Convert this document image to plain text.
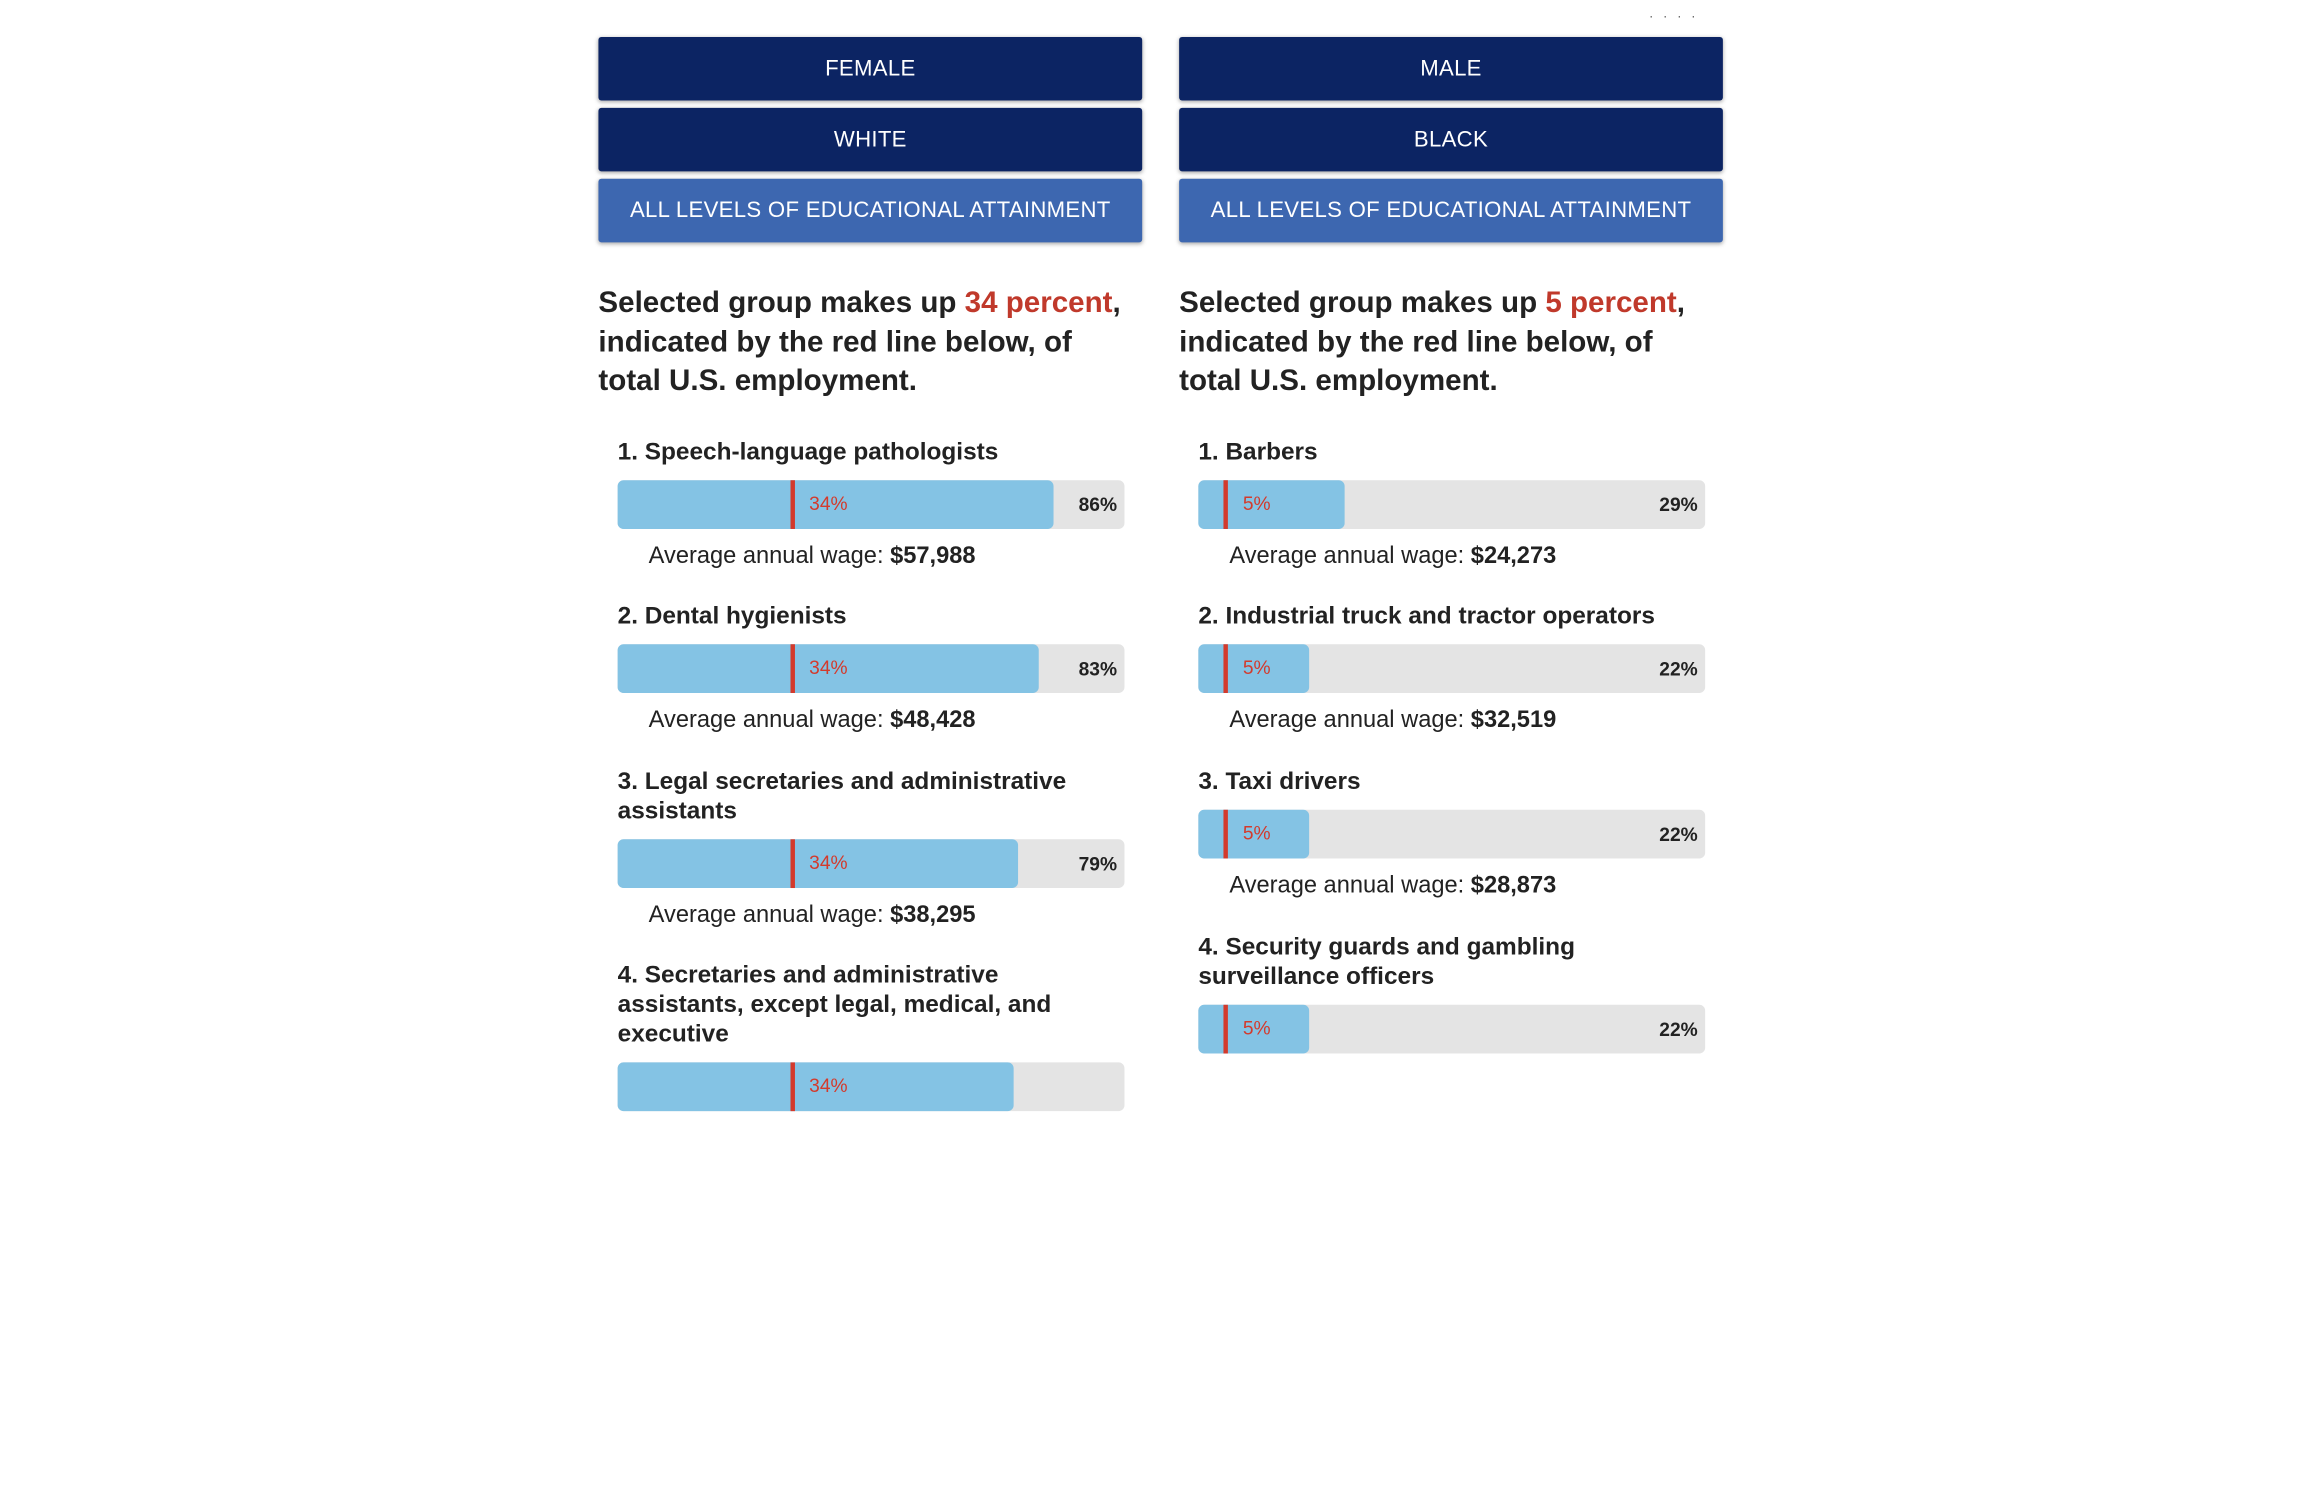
· · · ·
FEMALE
WHITE
ALL LEVELS OF EDUCATIONAL ATTAINMENT

Selected group makes up 34 percent, indicated by the red line below, of total U.S. employment.

1. Speech-language pathologists

34%	86%
Average annual wage: $57,988

2. Dental hygienists

34%	83%
Average annual wage: $48,428

3. Legal secretaries and administrative assistants

34%	79%
Average annual wage: $38,295

4. Secretaries and administrative assistants, except legal, medical, and executive

34%
MALE
BLACK
ALL LEVELS OF EDUCATIONAL ATTAINMENT

Selected group makes up 5 percent, indicated by the red line below, of total U.S. employment.

1. Barbers

5%	29%
Average annual wage: $24,273

2. Industrial truck and tractor operators

5%	22%
Average annual wage: $32,519

3. Taxi drivers

5%	22%
Average annual wage: $28,873

4. Security guards and gambling surveillance officers

5%	22%
